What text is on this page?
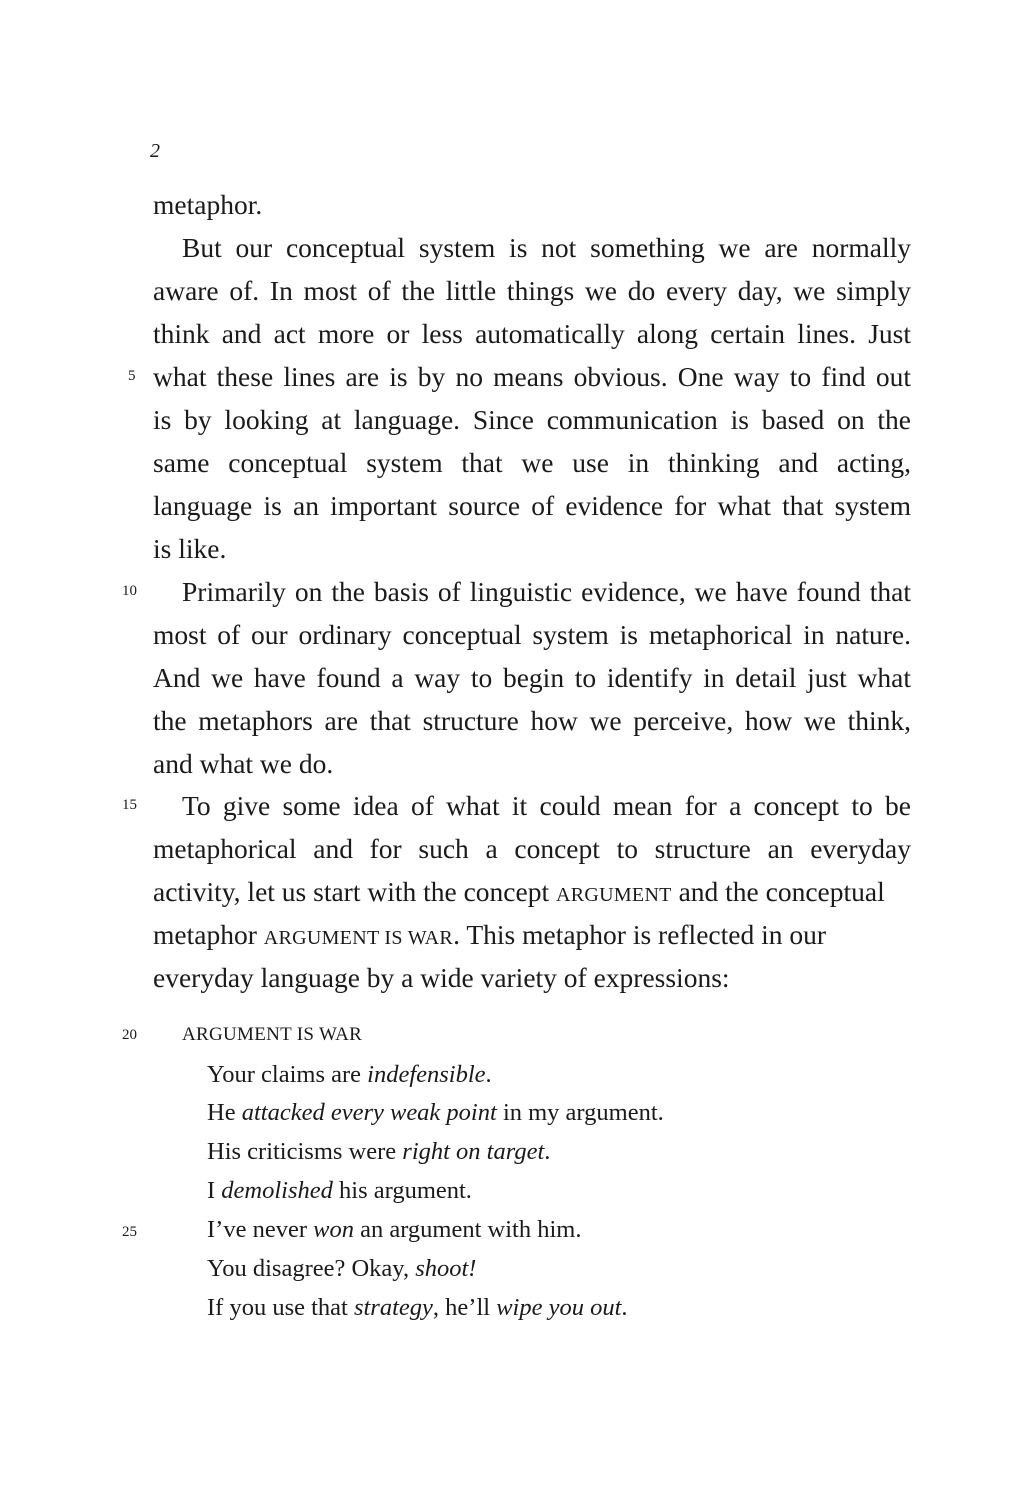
2
5
10
15
20
25
metaphor.
But our conceptual system is not something we are normally
aware of. In most of the little things we do every day, we simply
think and act more or less automatically along certain lines. Just
what these lines are is by no means obvious. One way to find out
is by looking at language. Since communication is based on the
same conceptual system that we use in thinking and acting,
language is an important source of evidence for what that system
is like.
Primarily on the basis of linguistic evidence, we have found that
most of our ordinary conceptual system is metaphorical in nature.
And we have found a way to begin to identify in detail just what
the metaphors are that structure how we perceive, how we think,
and what we do.
To give some idea of what it could mean for a concept to be
metaphorical and for such a concept to structure an everyday
activity, let us start with the concept ARGUMENT and the conceptual
metaphor ARGUMENT IS WAR. This metaphor is reflected in our
everyday language by a wide variety of expressions:
ARGUMENT IS WAR
Your claims are indefensible.
He attacked every weak point in my argument.
His criticisms were right on target.
I demolished his argument.
I’ve never won an argument with him.
You disagree? Okay, shoot!
If you use that strategy, he’ll wipe you out.
